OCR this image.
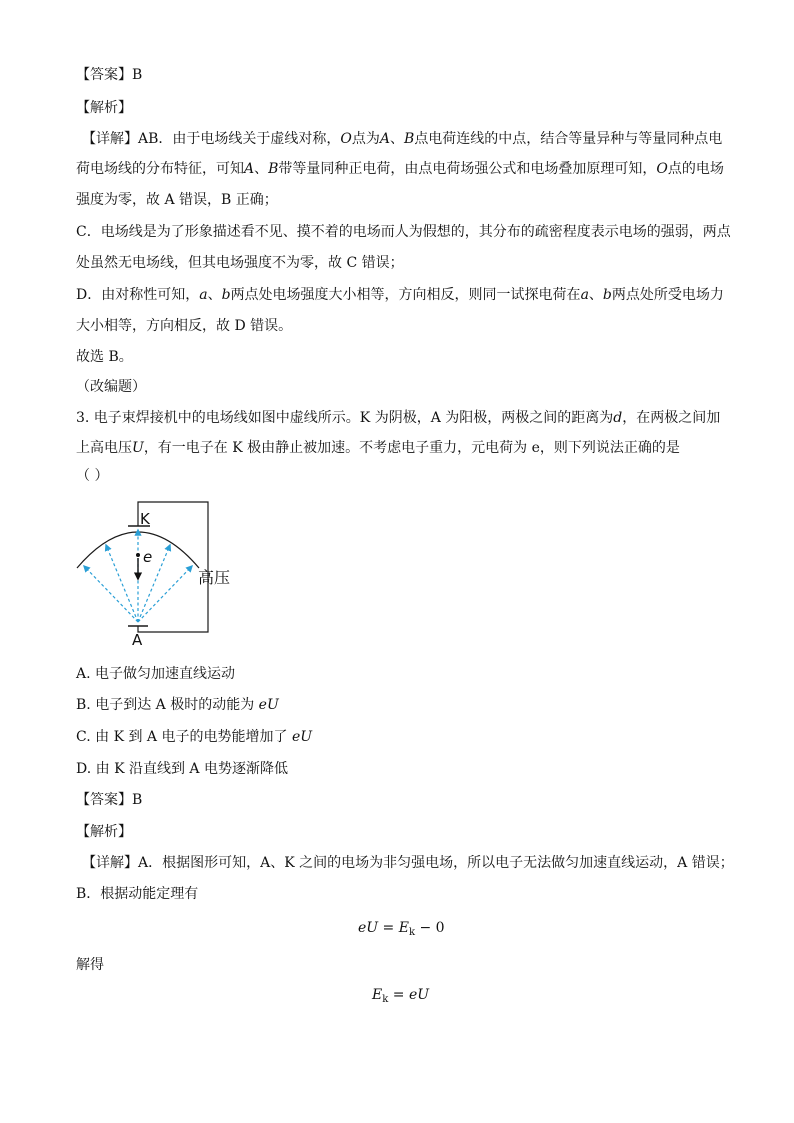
【答案】B
【解析】
【详解】AB．由于电场线关于虚线对称，O点为A、B点电荷连线的中点，结合等量异种与等量同种点电
荷电场线的分布特征，可知A、B带等量同种正电荷，由点电荷场强公式和电场叠加原理可知，O点的电场
强度为零，故 A 错误，B 正确；
C．电场线是为了形象描述看不见、摸不着的电场而人为假想的，其分布的疏密程度表示电场的强弱，两点
处虽然无电场线，但其电场强度不为零，故 C 错误；
D．由对称性可知，a、b两点处电场强度大小相等，方向相反，则同一试探电荷在a、b两点处所受电场力
大小相等，方向相反，故 D 错误。
故选 B。
（改编题）
3. 电子束焊接机中的电场线如图中虚线所示。K 为阴极，A 为阳极，两极之间的距离为d，在两极之间加
上高电压U，有一电子在 K 极由静止被加速。不考虑电子重力，元电荷为 e，则下列说法正确的是
（ ）
K
e
A
高压
A. 电子做匀加速直线运动
B. 电子到达 A 极时的动能为 eU
C. 由 K 到 A 电子的电势能增加了 eU
D. 由 K 沿直线到 A 电势逐渐降低
【答案】B
【解析】
【详解】A．根据图形可知，A、K 之间的电场为非匀强电场，所以电子无法做匀加速直线运动，A 错误；
B．根据动能定理有
eU = $E_k - 0$
解得
$E_k$ = eU
